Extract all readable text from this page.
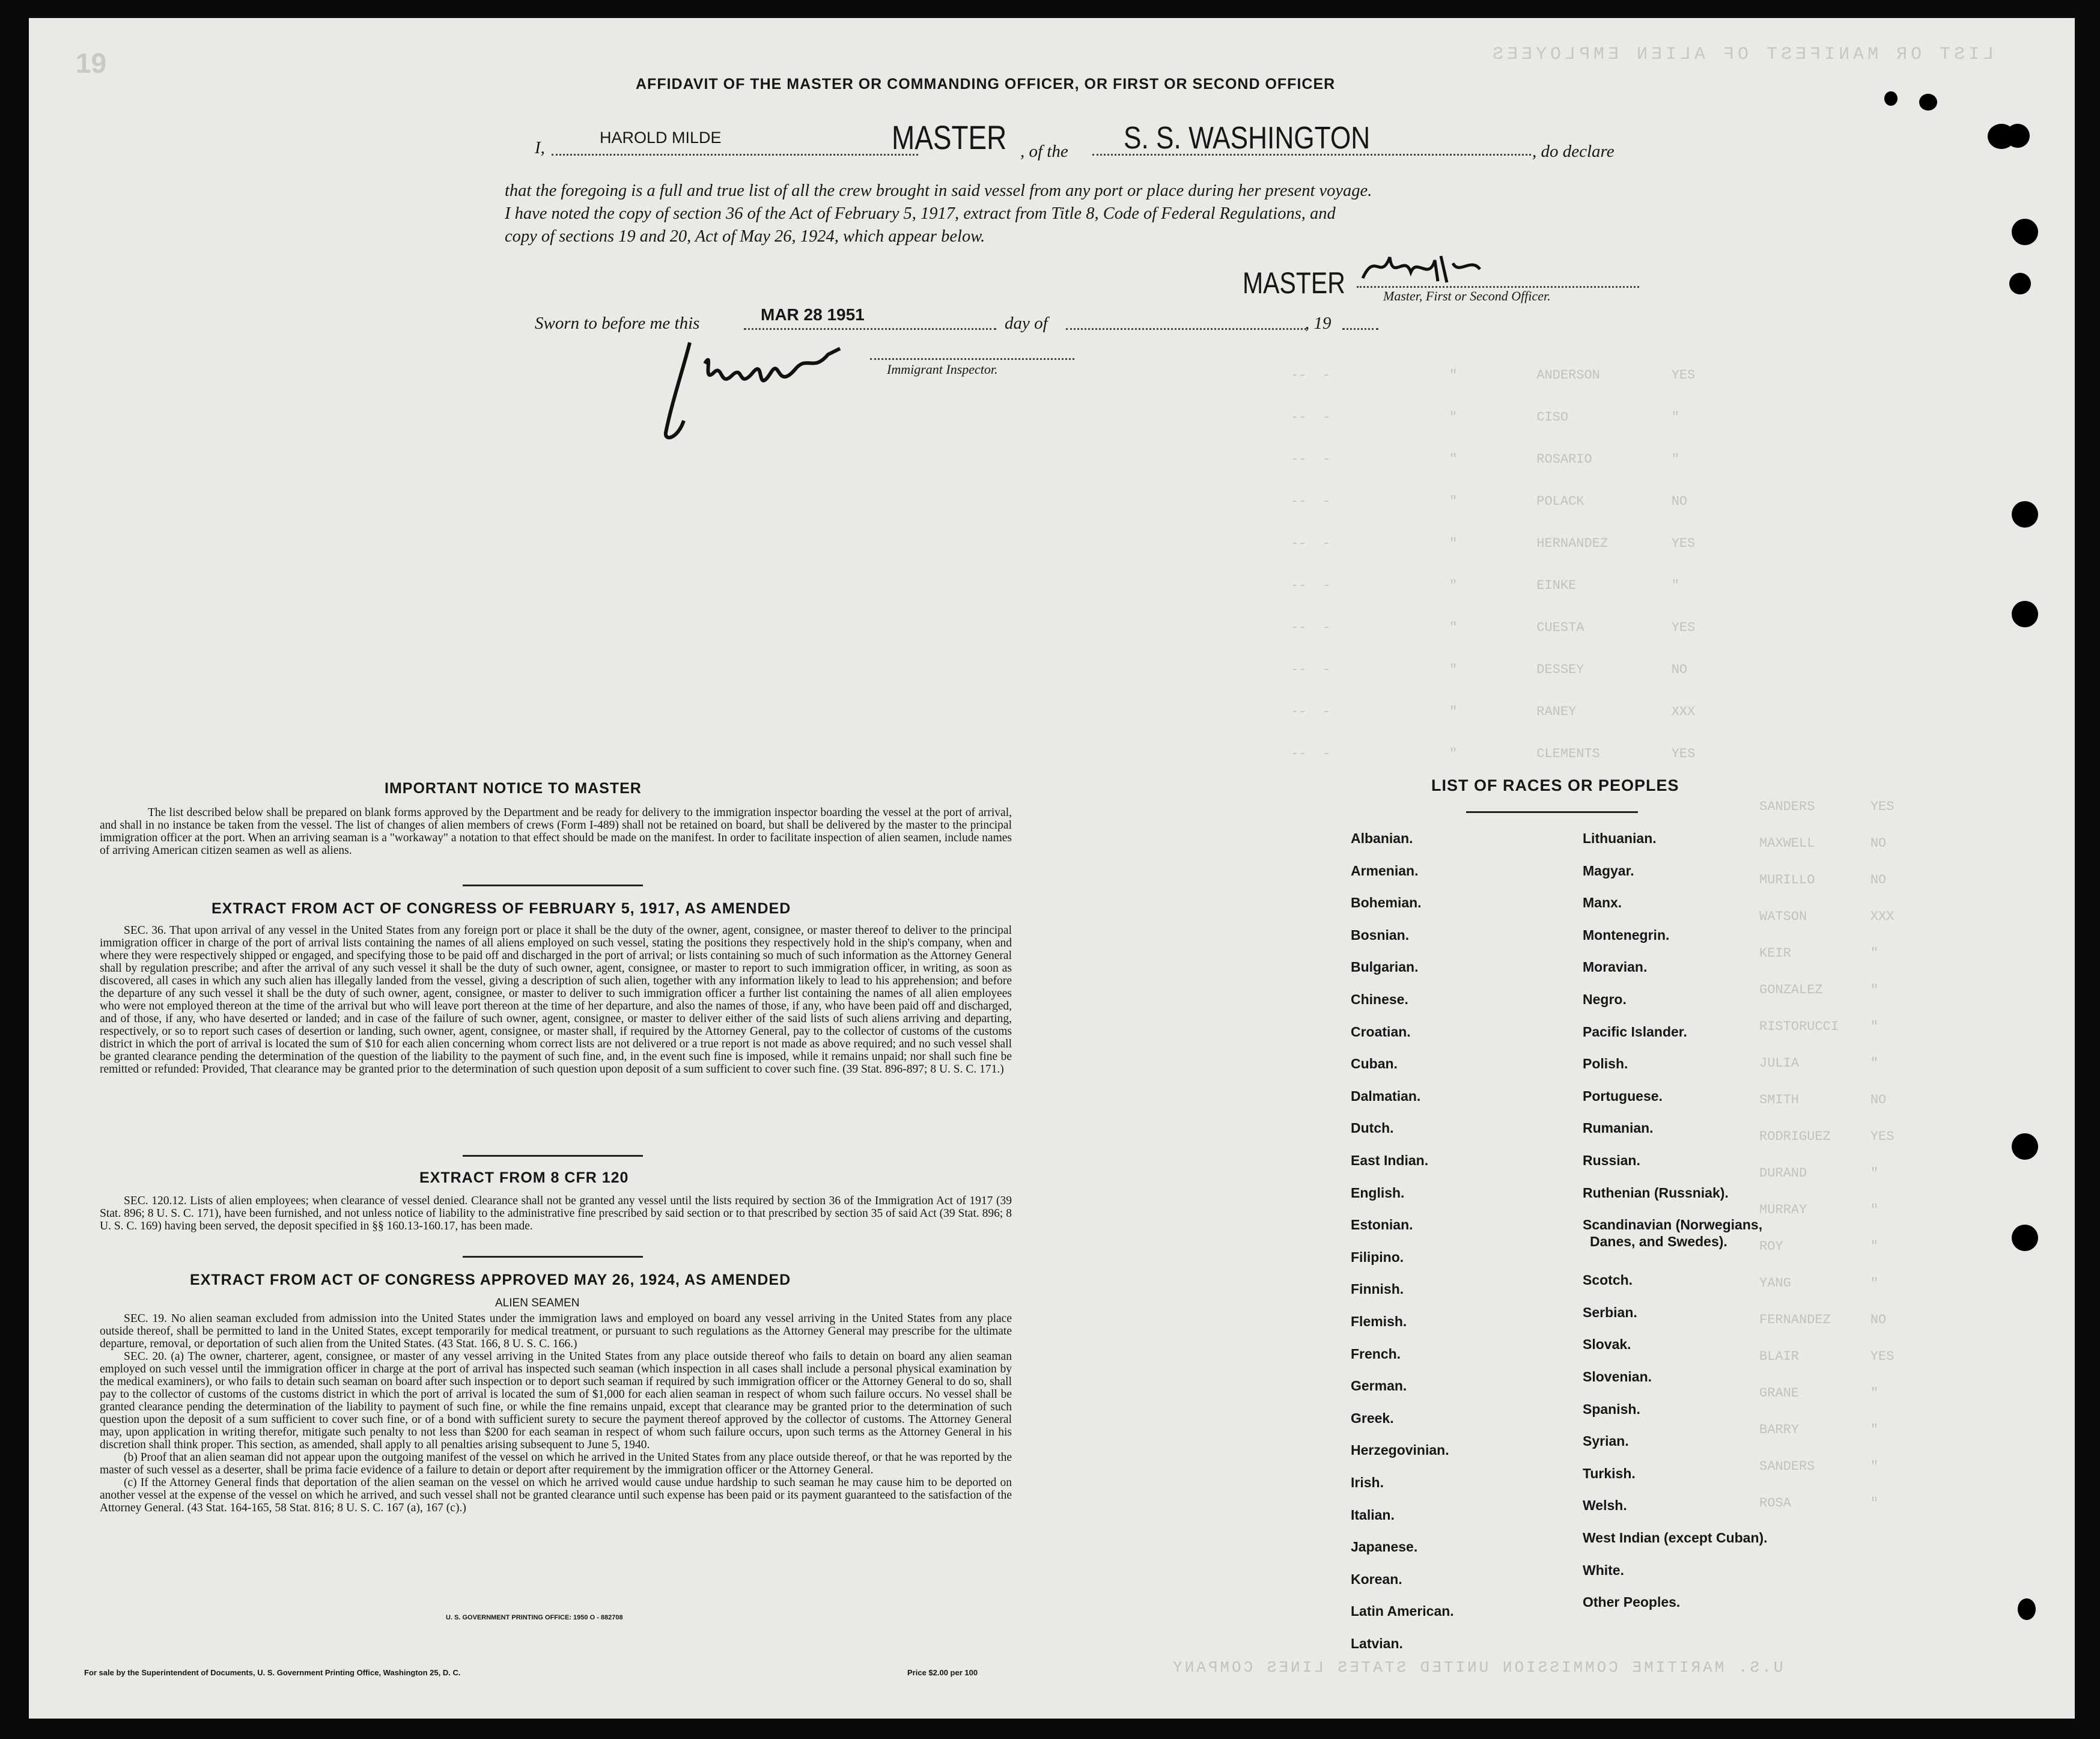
19	LIST OR MANIFEST OF ALIEN EMPLOYEES
AFFIDAVIT OF THE MASTER OR COMMANDING OFFICER, OR FIRST OR SECOND OFFICER
I,
HAROLD MILDE	MASTER , of the S. S. WASHINGTON	, do declare
that the foregoing is a full and true list of all the crew brought in said vessel from any port or place during her present voyage.
I have noted the copy of section 36 of the Act of February 5, 1917, extract from Title 8, Code of Federal Regulations, and
copy of sections 19 and 20, Act of May 26, 1924, which appear below.
MASTER	Master, First or Second Officer.
Sworn to before me this	MAR 28 1951	day of	, 19
Immigrant Inspector.	--  -               "          ANDERSON         YES
--  -               "          CISO             "
--  -               "          ROSARIO          "
--  -               "          POLACK           NO
--  -               "          HERNANDEZ        YES
--  -               "          EINKE            "
--  -               "          CUESTA           YES
--  -               "          DESSEY           NO
--  -               "          RANEY            XXX
--  -               "          CLEMENTS         YES
IMPORTANT NOTICE TO MASTER

The list described below shall be prepared on blank forms approved by the Department and be ready for delivery to the immigration inspector boarding the vessel at the port of arrival, and shall in no instance be taken from the vessel. The list of changes of alien members of crews (Form I-489) shall not be retained on board, but shall be delivered by the master to the principal immigration officer at the port. When an arriving seaman is a "workaway" a notation to that effect should be made on the manifest. In order to facilitate inspection of alien seamen, include names of arriving American citizen seamen as well as aliens.

EXTRACT FROM ACT OF CONGRESS OF FEBRUARY 5, 1917, AS AMENDED

SEC. 36. That upon arrival of any vessel in the United States from any foreign port or place it shall be the duty of the owner, agent, consignee, or master thereof to deliver to the principal immigration officer in charge of the port of arrival lists containing the names of all aliens employed on such vessel, stating the positions they respectively hold in the ship's company, when and where they were respectively shipped or engaged, and specifying those to be paid off and discharged in the port of arrival; or lists containing so much of such information as the Attorney General shall by regulation prescribe; and after the arrival of any such vessel it shall be the duty of such owner, agent, consignee, or master to report to such immigration officer, in writing, as soon as discovered, all cases in which any such alien has illegally landed from the vessel, giving a description of such alien, together with any information likely to lead to his apprehension; and before the departure of any such vessel it shall be the duty of such owner, agent, consignee, or master to deliver to such immigration officer a further list containing the names of all alien employees who were not employed thereon at the time of the arrival but who will leave port thereon at the time of her departure, and also the names of those, if any, who have been paid off and discharged, and of those, if any, who have deserted or landed; and in case of the failure of such owner, agent, consignee, or master to deliver either of the said lists of such aliens arriving and departing, respectively, or so to report such cases of desertion or landing, such owner, agent, consignee, or master shall, if required by the Attorney General, pay to the collector of customs of the customs district in which the port of arrival is located the sum of $10 for each alien concerning whom correct lists are not delivered or a true report is not made as above required; and no such vessel shall be granted clearance pending the determination of the question of the liability to the payment of such fine, and, in the event such fine is imposed, while it remains unpaid; nor shall such fine be remitted or refunded: Provided, That clearance may be granted prior to the determination of such question upon deposit of a sum sufficient to cover such fine. (39 Stat. 896-897; 8 U. S. C. 171.)

EXTRACT FROM 8 CFR 120

SEC. 120.12. Lists of alien employees; when clearance of vessel denied. Clearance shall not be granted any vessel until the lists required by section 36 of the Immigration Act of 1917 (39 Stat. 896; 8 U. S. C. 171), have been furnished, and not unless notice of liability to the administrative fine prescribed by said section or to that prescribed by section 35 of said Act (39 Stat. 896; 8 U. S. C. 169) having been served, the deposit specified in §§ 160.13-160.17, has been made.

EXTRACT FROM ACT OF CONGRESS APPROVED MAY 26, 1924, AS AMENDED
ALIEN SEAMEN

SEC. 19. No alien seaman excluded from admission into the United States under the immigration laws and employed on board any vessel arriving in the United States from any place outside thereof, shall be permitted to land in the United States, except temporarily for medical treatment, or pursuant to such regulations as the Attorney General may prescribe for the ultimate departure, removal, or deportation of such alien from the United States. (43 Stat. 166, 8 U. S. C. 166.)

SEC. 20. (a) The owner, charterer, agent, consignee, or master of any vessel arriving in the United States from any place outside thereof who fails to detain on board any alien seaman employed on such vessel until the immigration officer in charge at the port of arrival has inspected such seaman (which inspection in all cases shall include a personal physical examination by the medical examiners), or who fails to detain such seaman on board after such inspection or to deport such seaman if required by such immigration officer or the Attorney General to do so, shall pay to the collector of customs of the customs district in which the port of arrival is located the sum of $1,000 for each alien seaman in respect of whom such failure occurs. No vessel shall be granted clearance pending the determination of the liability to payment of such fine, or while the fine remains unpaid, except that clearance may be granted prior to the determination of such question upon the deposit of a sum sufficient to cover such fine, or of a bond with sufficient surety to secure the payment thereof approved by the collector of customs. The Attorney General may, upon application in writing therefor, mitigate such penalty to not less than $200 for each seaman in respect of whom such failure occurs, upon such terms as the Attorney General in his discretion shall think proper. This section, as amended, shall apply to all penalties arising subsequent to June 5, 1940.

(b) Proof that an alien seaman did not appear upon the outgoing manifest of the vessel on which he arrived in the United States from any place outside thereof, or that he was reported by the master of such vessel as a deserter, shall be prima facie evidence of a failure to detain or deport after requirement by the immigration officer or the Attorney General.

(c) If the Attorney General finds that deportation of the alien seaman on the vessel on which he arrived would cause undue hardship to such seaman he may cause him to be deported on another vessel at the expense of the vessel on which he arrived, and such vessel shall not be granted clearance until such expense has been paid or its payment guaranteed to the satisfaction of the Attorney General. (43 Stat. 164-165, 58 Stat. 816; 8 U. S. C. 167 (a), 167 (c).)

U. S. GOVERNMENT PRINTING OFFICE: 1950 O - 882708
LIST OF RACES OR PEOPLES
Albanian.
Armenian.
Bohemian.
Bosnian.
Bulgarian.
Chinese.
Croatian.
Cuban.
Dalmatian.
Dutch.
East Indian.
English.
Estonian.
Filipino.
Finnish.
Flemish.
French.
German.
Greek.
Herzegovinian.
Irish.
Italian.
Japanese.
Korean.
Latin American.
Latvian.
Lithuanian.
Magyar.
Manx.
Montenegrin.
Moravian.
Negro.
Pacific Islander.
Polish.
Portuguese.
Rumanian.
Russian.
Ruthenian (Russniak).
Scandinavian (Norwegians,
Danes, and Swedes).
Scotch.
Serbian.
Slovak.
Slovenian.
Spanish.
Syrian.
Turkish.
Welsh.
West Indian (except Cuban).
White.
Other Peoples.
SANDERS       YES
MAXWELL       NO
MURILLO       NO
WATSON        XXX
KEIR          "
GONZALEZ      "
RISTORUCCI    "
JULIA         "
SMITH         NO
RODRIGUEZ     YES
DURAND        "
MURRAY        "
ROY           "
YANG          "
FERNANDEZ     NO
BLAIR         YES
GRANE         "
BARRY         "
SANDERS       "
ROSA          "
For sale by the Superintendent of Documents, U. S. Government Printing Office, Washington 25, D. C.	Price $2.00 per 100	U.S. MARITIME COMMISSION UNITED STATES LINES COMPANY
